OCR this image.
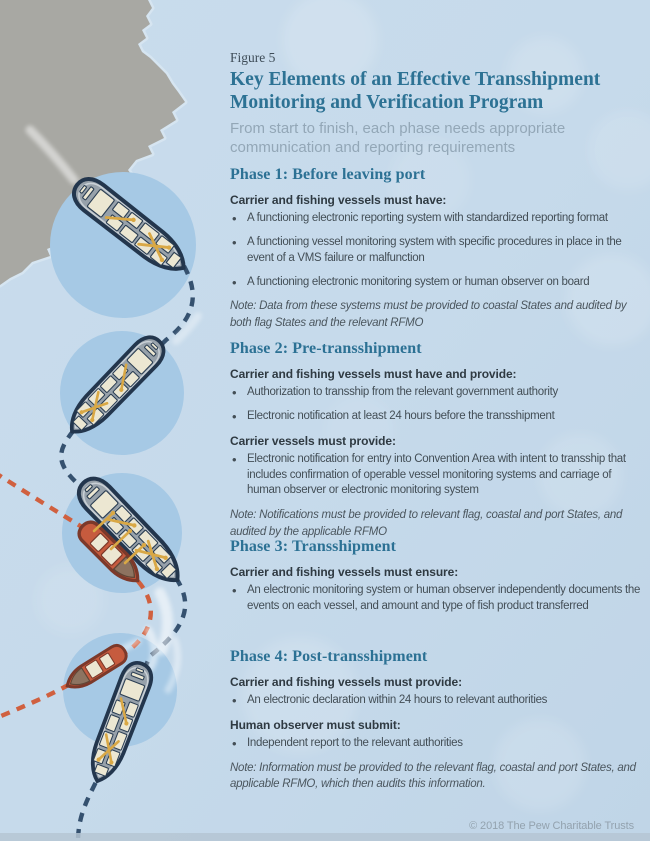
Figure 5

Key Elements of an Effective Transshipment Monitoring and Verification Program

From start to finish, each phase needs appropriate communication and reporting requirements

Phase 1: Before leaving port

Carrier and fishing vessels must have:

• A functioning electronic reporting system with standardized reporting format
• A functioning vessel monitoring system with specific procedures in place in the event of a VMS failure or malfunction
• A functioning electronic monitoring system or human observer on board

Note: Data from these systems must be provided to coastal States and audited by both flag States and the relevant RFMO

Phase 2: Pre-transshipment

Carrier and fishing vessels must have and provide:

• Authorization to transship from the relevant government authority
• Electronic notification at least 24 hours before the transshipment

Carrier vessels must provide:

• Electronic notification for entry into Convention Area with intent to transship that includes confirmation of operable vessel monitoring systems and carriage of human observer or electronic monitoring system

Note: Notifications must be provided to relevant flag, coastal and port States, and audited by the applicable RFMO

Phase 3: Transshipment

Carrier and fishing vessels must ensure:

• An electronic monitoring system or human observer independently documents the events on each vessel, and amount and type of fish product transferred
Phase 4: Post-transshipment

Carrier and fishing vessels must provide:

• An electronic declaration within 24 hours to relevant authorities

Human observer must submit:

• Independent report to the relevant authorities

Note: Information must be provided to the relevant flag, coastal and port States, and applicable RFMO, which then audits this information.

© 2018 The Pew Charitable Trusts
